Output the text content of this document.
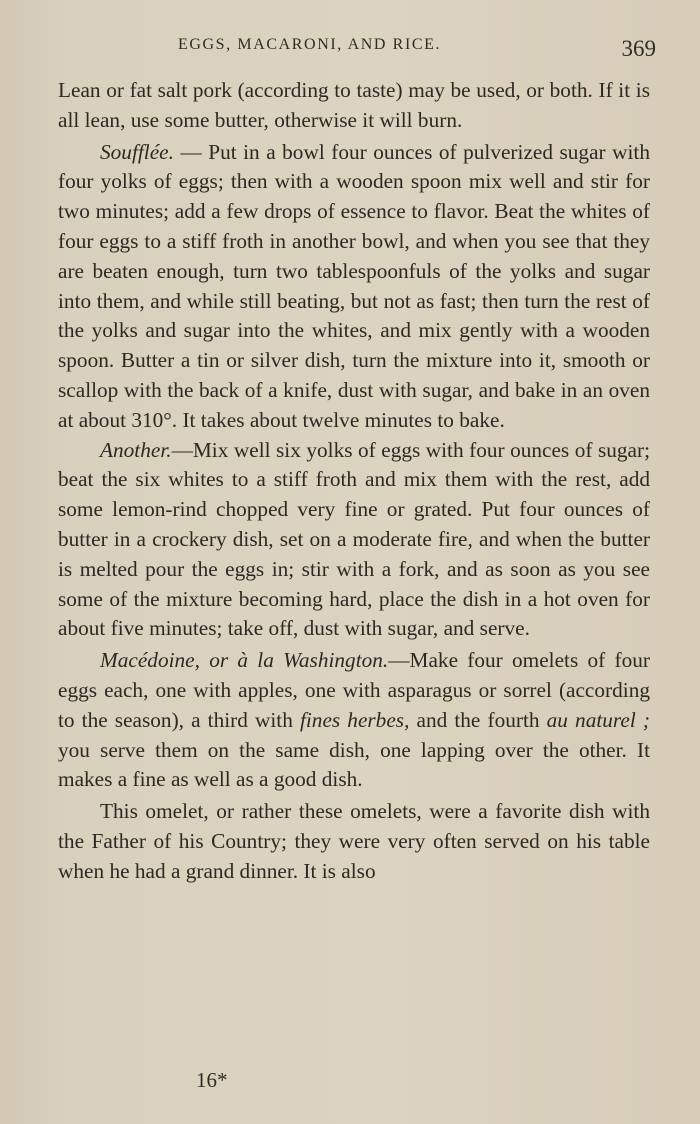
EGGS, MACARONI, AND RICE.	369

Lean or fat salt pork (according to taste) may be used, or both. If it is all lean, use some butter, otherwise it will burn.

Soufflée. — Put in a bowl four ounces of pulverized sugar with four yolks of eggs; then with a wooden spoon mix well and stir for two minutes; add a few drops of essence to flavor. Beat the whites of four eggs to a stiff froth in another bowl, and when you see that they are beaten enough, turn two tablespoonfuls of the yolks and sugar into them, and while still beating, but not as fast; then turn the rest of the yolks and sugar into the whites, and mix gently with a wooden spoon. Butter a tin or silver dish, turn the mixture into it, smooth or scallop with the back of a knife, dust with sugar, and bake in an oven at about 310°. It takes about twelve minutes to bake.

Another.—Mix well six yolks of eggs with four ounces of sugar; beat the six whites to a stiff froth and mix them with the rest, add some lemon-rind chopped very fine or grated. Put four ounces of butter in a crockery dish, set on a moderate fire, and when the butter is melted pour the eggs in; stir with a fork, and as soon as you see some of the mixture becoming hard, place the dish in a hot oven for about five minutes; take off, dust with sugar, and serve.

Macédoine, or à la Washington.—Make four omelets of four eggs each, one with apples, one with asparagus or sorrel (according to the season), a third with fines herbes, and the fourth au naturel ; you serve them on the same dish, one lapping over the other. It makes a fine as well as a good dish.

This omelet, or rather these omelets, were a favorite dish with the Father of his Country; they were very often served on his table when he had a grand dinner. It is also

16*
